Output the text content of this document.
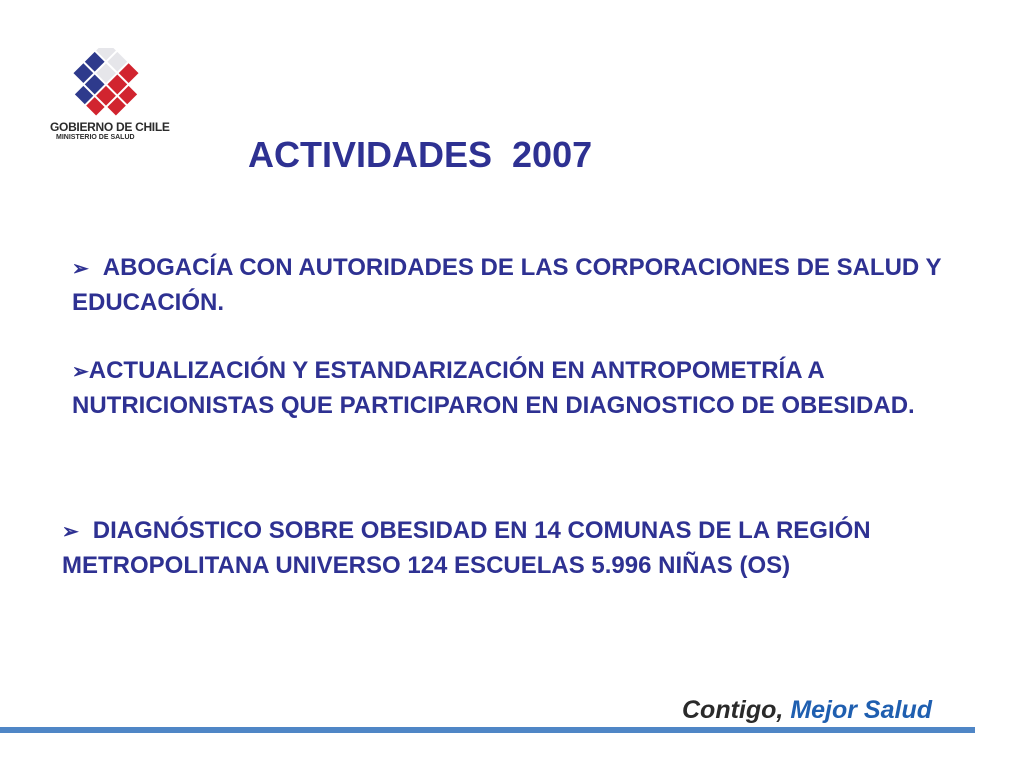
GOBIERNO DE CHILE
MINISTERIO DE SALUD	ACTIVIDADES  2007
➢ ABOGACÍA CON AUTORIDADES DE LAS CORPORACIONES DE SALUD Y EDUCACIÓN.
➢ACTUALIZACIÓN Y ESTANDARIZACIÓN EN ANTROPOMETRÍA A NUTRICIONISTAS QUE PARTICIPARON EN DIAGNOSTICO DE OBESIDAD.
➢ DIAGNÓSTICO SOBRE OBESIDAD EN 14 COMUNAS DE LA REGIÓN METROPOLITANA UNIVERSO 124 ESCUELAS 5.996 NIÑAS (OS)
Contigo, Mejor Salud
